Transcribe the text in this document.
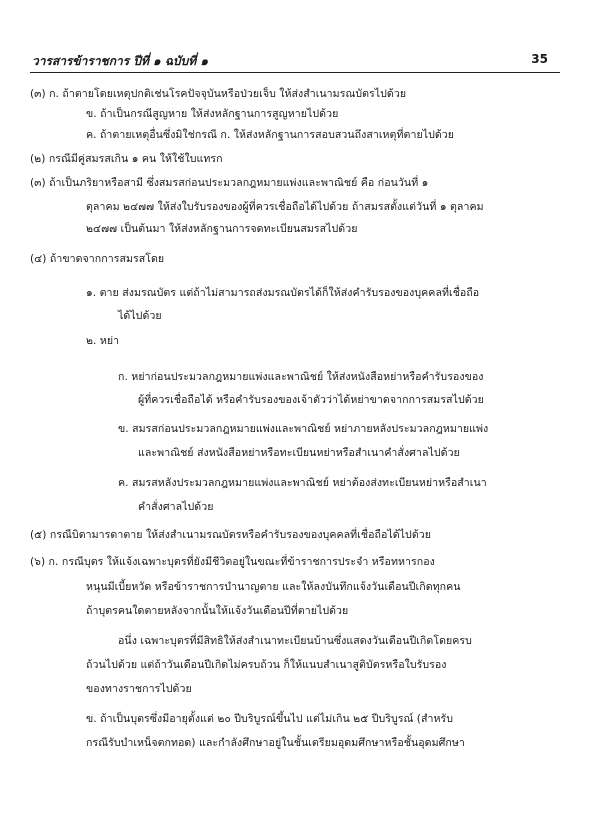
วารสารข้าราชการ ปีที่ ๑ ฉบับที่ ๑	35
(๓) ก. ถ้าตายโดยเหตุปกติเช่นโรคปัจจุบันหรือป่วยเจ็บ ให้ส่งสำเนามรณบัตรไปด้วย
ข. ถ้าเป็นกรณีสูญหาย ให้ส่งหลักฐานการสูญหายไปด้วย
ค. ถ้าตายเหตุอื่นซึ่งมิใช่กรณี ก. ให้ส่งหลักฐานการสอบสวนถึงสาเหตุที่ตายไปด้วย
(๒) กรณีมีคู่สมรสเกิน ๑ คน ให้ใช้ใบแทรก
(๓) ถ้าเป็นภริยาหรือสามี ซึ่งสมรสก่อนประมวลกฎหมายแพ่งและพาณิชย์ คือ ก่อนวันที่ ๑
ตุลาคม ๒๔๗๗ ให้ส่งใบรับรองของผู้ที่ควรเชื่อถือได้ไปด้วย ถ้าสมรสตั้งแต่วันที่ ๑ ตุลาคม
๒๔๗๗ เป็นต้นมา ให้ส่งหลักฐานการจดทะเบียนสมรสไปด้วย
(๔) ถ้าขาดจากการสมรสโดย
๑. ตาย ส่งมรณบัตร แต่ถ้าไม่สามารถส่งมรณบัตรได้ก็ให้ส่งคำรับรองของบุคคลที่เชื่อถือ
ได้ไปด้วย
๒. หย่า
ก. หย่าก่อนประมวลกฎหมายแพ่งและพาณิชย์ ให้ส่งหนังสือหย่าหรือคำรับรองของ
ผู้ที่ควรเชื่อถือได้ หรือคำรับรองของเจ้าตัวว่าได้หย่าขาดจากการสมรสไปด้วย
ข. สมรสก่อนประมวลกฎหมายแพ่งและพาณิชย์ หย่าภายหลังประมวลกฎหมายแพ่ง
และพาณิชย์ ส่งหนังสือหย่าหรือทะเบียนหย่าหรือสำเนาคำสั่งศาลไปด้วย
ค. สมรสหลังประมวลกฎหมายแพ่งและพาณิชย์ หย่าต้องส่งทะเบียนหย่าหรือสำเนา
คำสั่งศาลไปด้วย
(๕) กรณีบิดามารดาตาย ให้ส่งสำเนามรณบัตรหรือคำรับรองของบุคคลที่เชื่อถือได้ไปด้วย
(๖) ก. กรณีบุตร ให้แจ้งเฉพาะบุตรที่ยังมีชีวิตอยู่ในขณะที่ข้าราชการประจำ หรือทหารกอง
หนุนมีเบี้ยหวัด หรือข้าราชการบำนาญตาย และให้ลงบันทึกแจ้งวันเดือนปีเกิดทุกคน
ถ้าบุตรคนใดตายหลังจากนั้นให้แจ้งวันเดือนปีที่ตายไปด้วย
อนึ่ง เฉพาะบุตรที่มีสิทธิให้ส่งสำเนาทะเบียนบ้านซึ่งแสดงวันเดือนปีเกิดโดยครบ
ถ้วนไปด้วย แต่ถ้าวันเดือนปีเกิดไม่ครบถ้วน ก็ให้แนบสำเนาสูติบัตรหรือใบรับรอง
ของทางราชการไปด้วย
ข. ถ้าเป็นบุตรซึ่งมีอายุตั้งแต่ ๒๐ ปีบริบูรณ์ขึ้นไป แต่ไม่เกิน ๒๕ ปีบริบูรณ์ (สำหรับ
กรณีรับบำเหน็จตกทอด) และกำลังศึกษาอยู่ในชั้นเตรียมอุดมศึกษาหรือชั้นอุดมศึกษา
